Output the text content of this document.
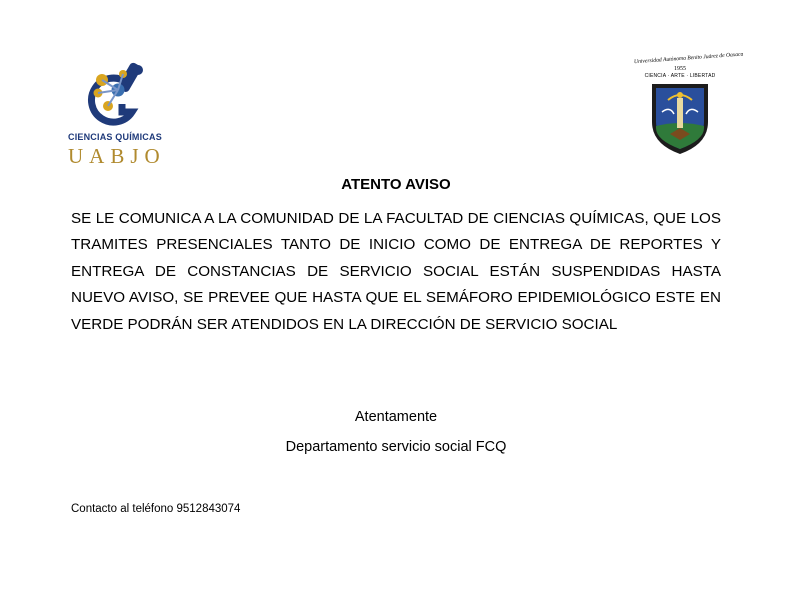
CIENCIAS QUÍMICAS
UABJO
Universidad Autónoma Benito Juárez de Oaxaca
1955
CIENCIA · ARTE · LIBERTAD
ATENTO AVISO
SE LE COMUNICA A LA COMUNIDAD DE LA FACULTAD DE CIENCIAS QUÍMICAS, QUE LOS TRAMITES PRESENCIALES TANTO DE INICIO COMO DE ENTREGA DE REPORTES Y ENTREGA DE CONSTANCIAS DE SERVICIO SOCIAL ESTÁN SUSPENDIDAS HASTA NUEVO AVISO, SE PREVEE QUE HASTA QUE EL SEMÁFORO EPIDEMIOLÓGICO ESTE EN VERDE PODRÁN SER ATENDIDOS EN LA DIRECCIÓN DE SERVICIO SOCIAL
Atentamente
Departamento servicio social FCQ
Contacto al teléfono 9512843074
